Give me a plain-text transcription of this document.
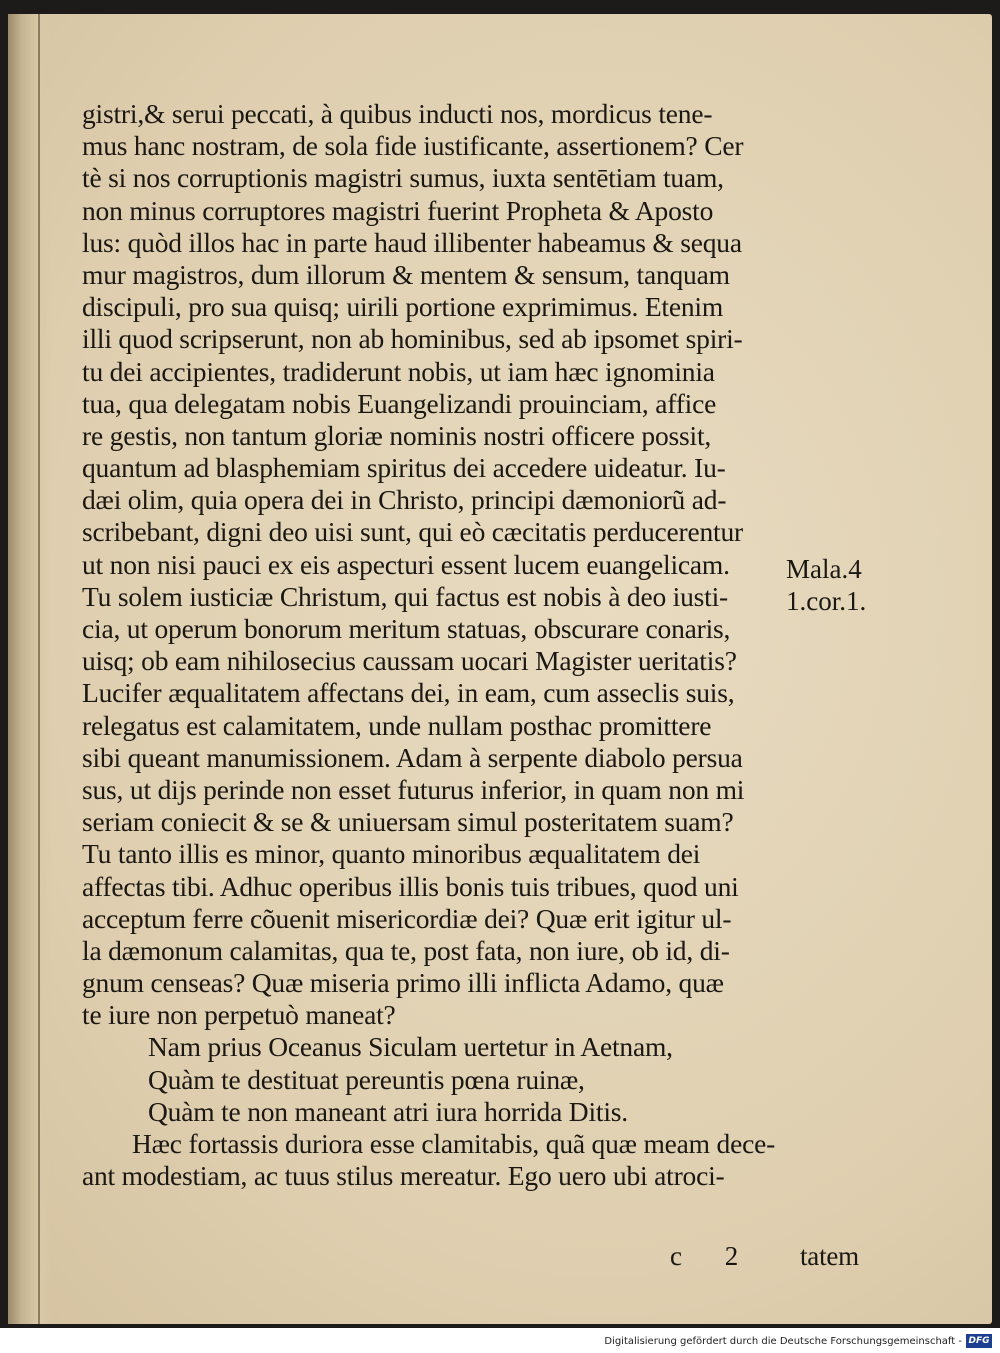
gistri,& serui peccati, à quibus inducti nos, mordicus tene-
mus hanc nostram, de sola fide iustificante, assertionem? Cer
tè si nos corruptionis magistri sumus, iuxta sentētiam tuam,
non minus corruptores magistri fuerint Propheta & Aposto
lus: quòd illos hac in parte haud illibenter habeamus & sequa
mur magistros, dum illorum & mentem & sensum, tanquam
discipuli, pro sua quisq; uirili portione exprimimus. Etenim
illi quod scripserunt, non ab hominibus, sed ab ipsomet spiri-
tu dei accipientes, tradiderunt nobis, ut iam hæc ignominia
tua, qua delegatam nobis Euangelizandi prouinciam, affice
re gestis, non tantum gloriæ nominis nostri officere possit,
quantum ad blasphemiam spiritus dei accedere uideatur. Iu-
dæi olim, quia opera dei in Christo, principi dæmoniorũ ad-
scribebant, digni deo uisi sunt, qui eò cæcitatis perducerentur
ut non nisi pauci ex eis aspecturi essent lucem euangelicam.
Tu solem iusticiæ Christum, qui factus est nobis à deo iusti-
cia, ut operum bonorum meritum statuas, obscurare conaris,
uisq; ob eam nihilosecius caussam uocari Magister ueritatis?
Lucifer æqualitatem affectans dei, in eam, cum asseclis suis,
relegatus est calamitatem, unde nullam posthac promittere
sibi queant manumissionem. Adam à serpente diabolo persua
sus, ut dijs perinde non esset futurus inferior, in quam non mi
seriam coniecit & se & uniuersam simul posteritatem suam?
Tu tanto illis es minor, quanto minoribus æqualitatem dei
affectas tibi. Adhuc operibus illis bonis tuis tribues, quod uni
acceptum ferre cõuenit misericordiæ dei? Quæ erit igitur ul-
la dæmonum calamitas, qua te, post fata, non iure, ob id, di-
gnum censeas? Quæ miseria primo illi inflicta Adamo, quæ
te iure non perpetuò maneat?
Nam prius Oceanus Siculam uertetur in Aetnam,
Quàm te destituat pereuntis pœna ruinæ,
Quàm te non maneant atri iura horrida Ditis.
Hæc fortassis duriora esse clamitabis, quã quæ meam dece-
ant modestiam, ac tuus stilus mereatur. Ego uero ubi atroci-
c 2 tatem
Mala.4
1.cor.1.
Digitalisierung gefördert durch die Deutsche Forschungsgemeinschaft - DFG
